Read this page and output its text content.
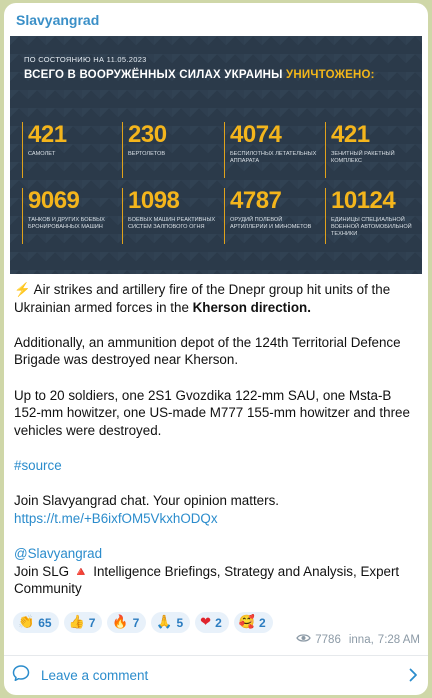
Slavyangrad
ПО СОСТОЯНИЮ НА 11.05.2023
ВСЕГО В ВООРУЖЁННЫХ СИЛАХ УКРАИНЫ УНИЧТОЖЕНО:
421
САМОЛЕТ
230
ВЕРТОЛЕТОВ
4074
БЕСПИЛОТНЫХ ЛЕТАТЕЛЬНЫХ АППАРАТА
421
ЗЕНИТНЫЙ РАКЕТНЫЙ КОМПЛЕКС
9069
ТАНКОВ И ДРУГИХ БОЕВЫХ БРОНИРОВАННЫХ МАШИН
1098
БОЕВЫХ МАШИН РЕАКТИВНЫХ СИСТЕМ ЗАЛПОВОГО ОГНЯ
4787
ОРУДИЙ ПОЛЕВОЙ АРТИЛЛЕРИИ И МИНОМЕТОВ
10124
ЕДИНИЦЫ СПЕЦИАЛЬНОЙ ВОЕННОЙ АВТОМОБИЛЬНОЙ ТЕХНИКИ

⚡ Air strikes and artillery fire of the Dnepr group hit units of the Ukrainian armed forces in the Kherson direction.

Additionally, an ammunition depot of the 124th Territorial Defence Brigade was destroyed near Kherson.

Up to 20 soldiers, one 2S1 Gvozdika 122-mm SAU, one Msta-B 152-mm howitzer, one US-made M777 155-mm howitzer and three vehicles were destroyed.

#source

Join Slavyangrad chat. Your opinion matters.

https://t.me/+B6ixfOM5VkxhODQx

@Slavyangrad

Join SLG 🔺 Intelligence Briefings, Strategy and Analysis, Expert Community

👏 65 👍 7 🔥 7 🙏 5 ❤ 2 🥰 2
7786 inna, 7:28 AM
Leave a comment
